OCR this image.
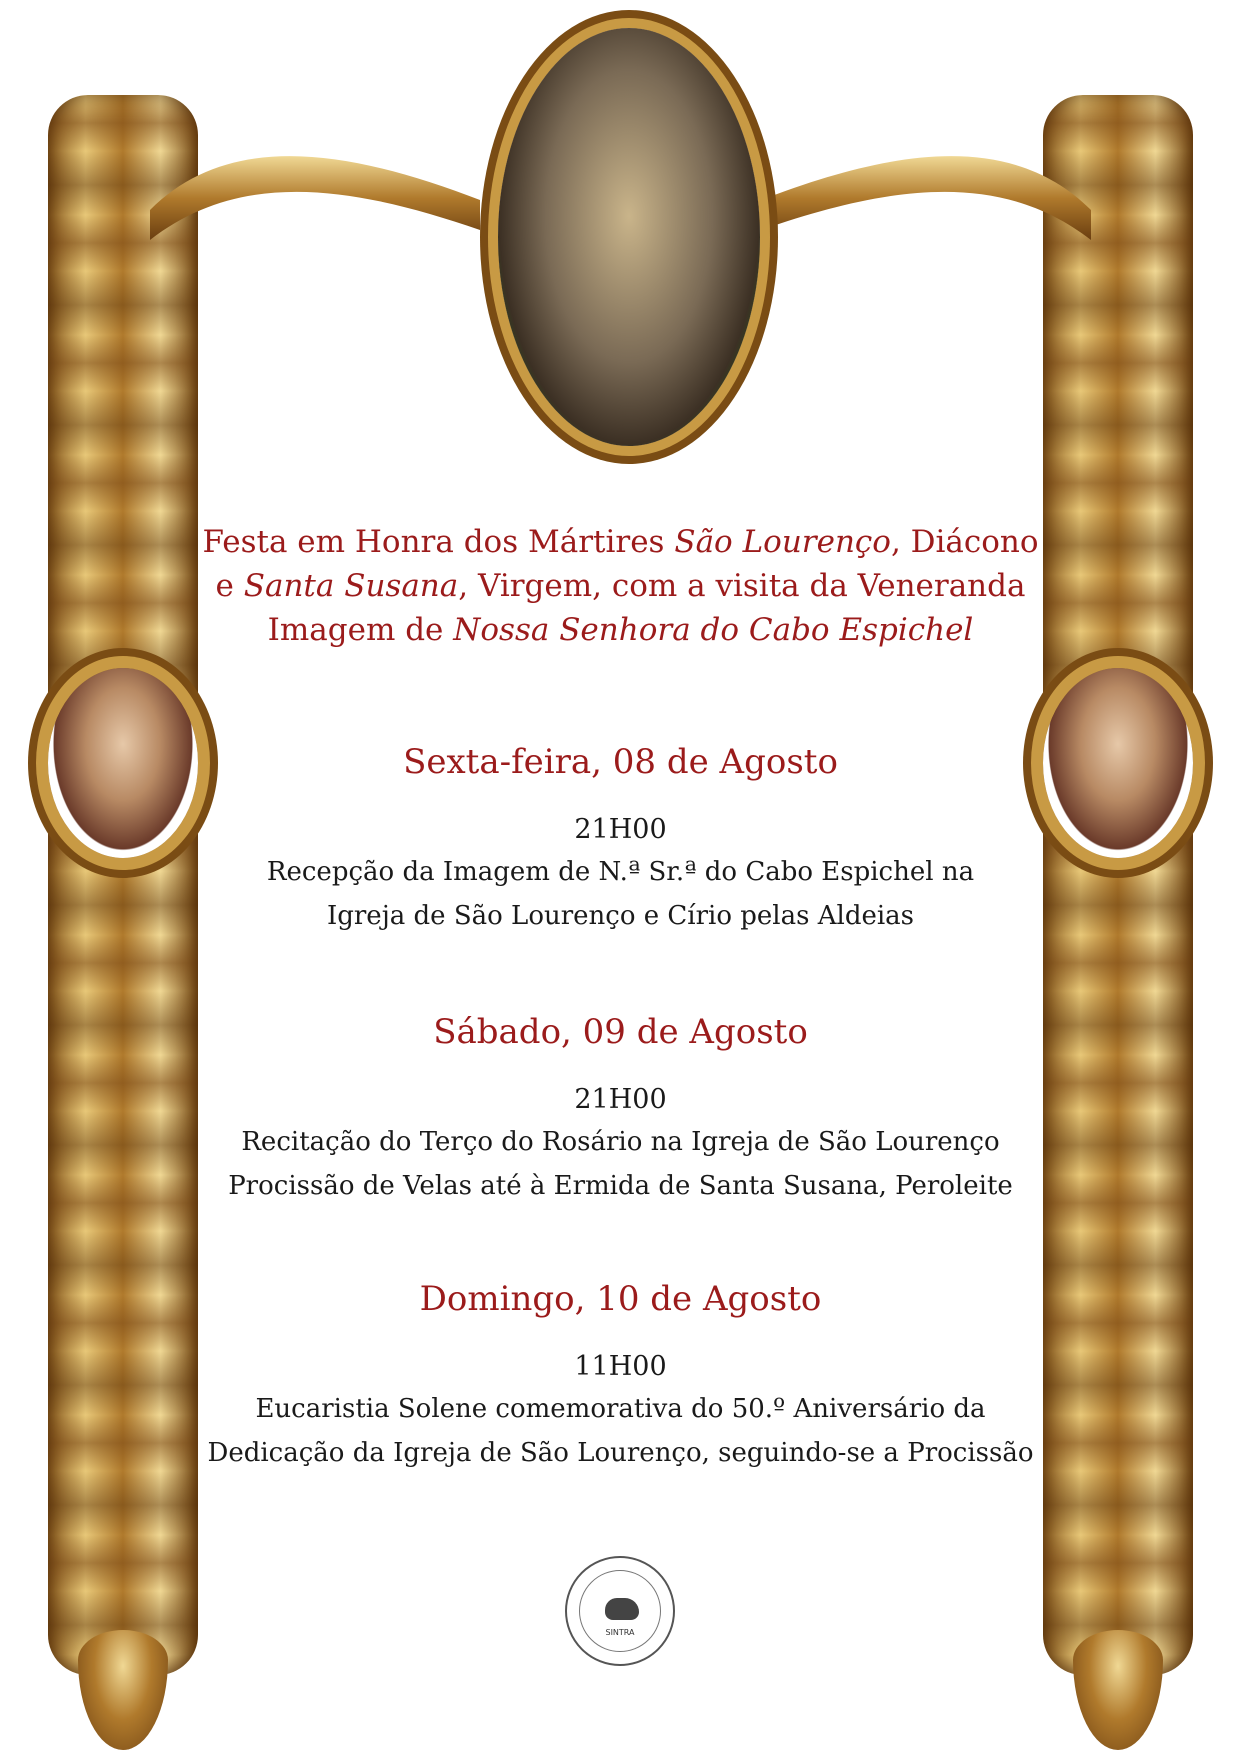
Festa em Honra dos Mártires São Lourenço, Diácono

e Santa Susana, Virgem, com a visita da Veneranda

Imagem de Nossa Senhora do Cabo Espichel

Sexta-feira, 08 de Agosto

21H00

Recepção da Imagem de N.ª Sr.ª do Cabo Espichel na

Igreja de São Lourenço e Círio pelas Aldeias

Sábado, 09 de Agosto

21H00

Recitação do Terço do Rosário na Igreja de São Lourenço

Procissão de Velas até à Ermida de Santa Susana, Peroleite

Domingo, 10 de Agosto

11H00

Eucaristia Solene comemorativa do 50.º Aniversário da

Dedicação da Igreja de São Lourenço, seguindo-se a Procissão

SINTRA
